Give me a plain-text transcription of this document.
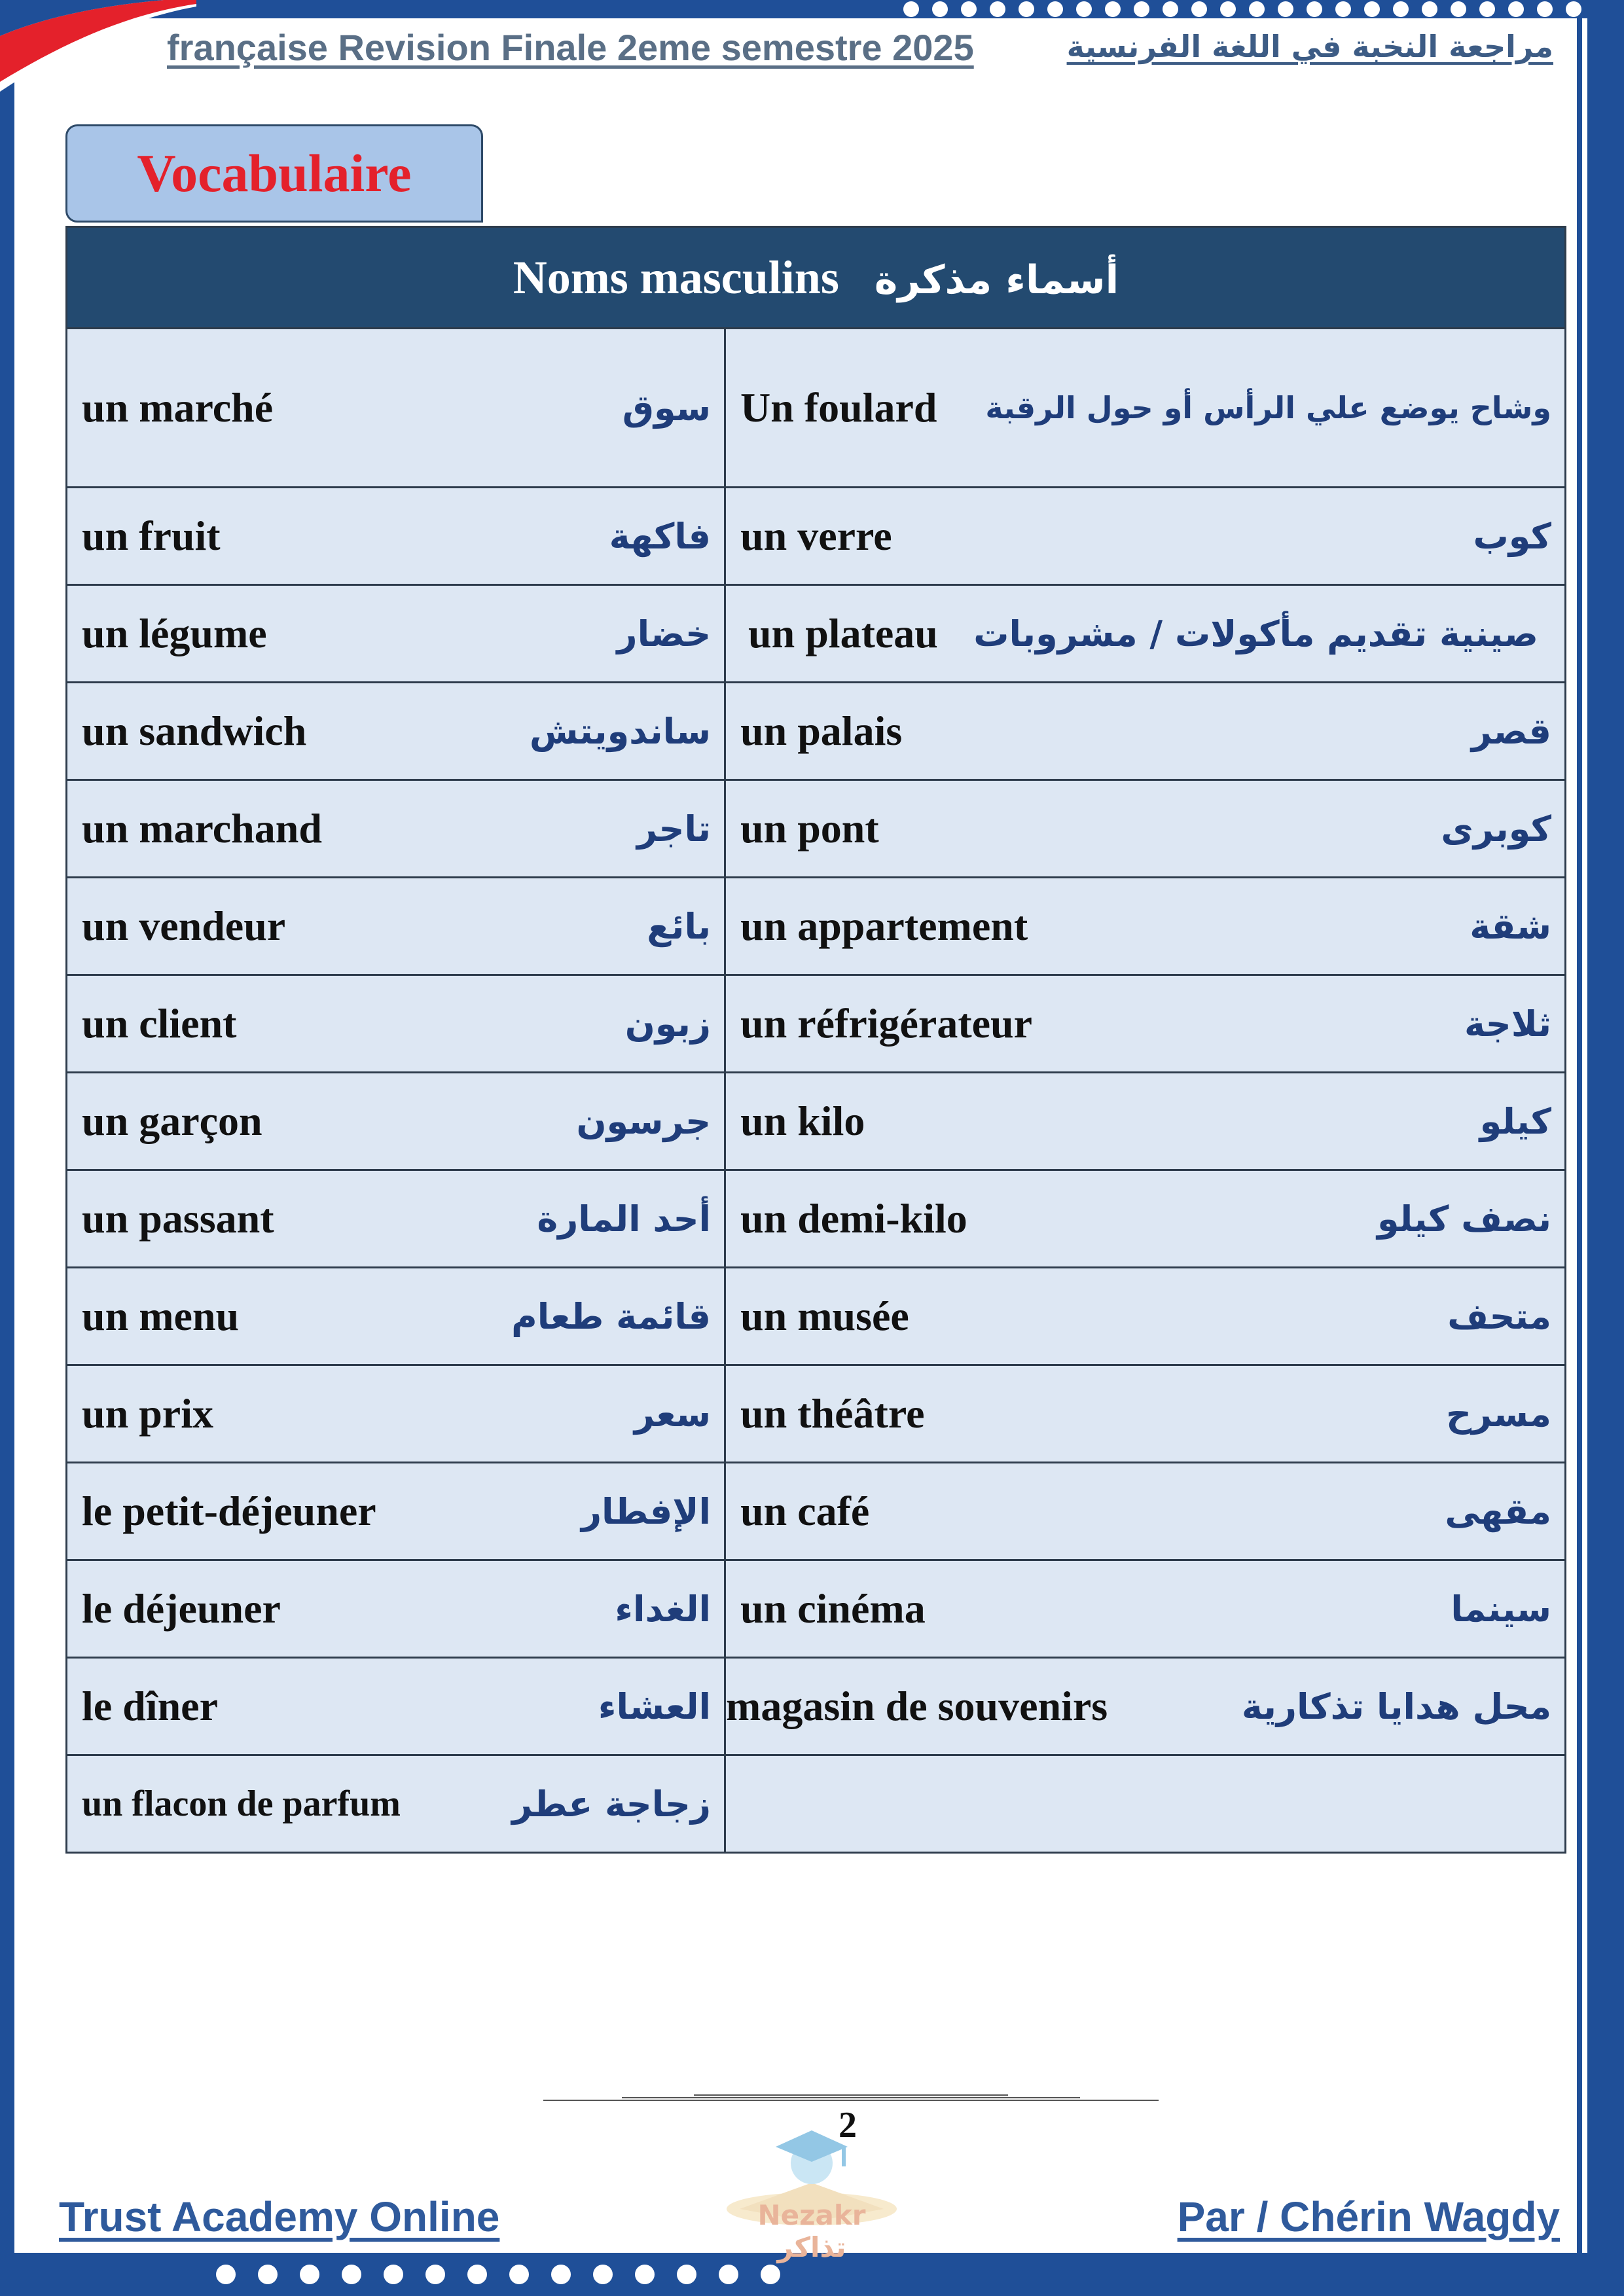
française Revision Finale 2eme semestre 2025	مراجعة النخبة في اللغة الفرنسية
Vocabulaire
Noms masculins أسماء مذكرة	

un marché سوق	Un foulard وشاح يوضع علي الرأس أو حول الرقبة

un fruit فاكهة	un verre كوب

un légume خضار	un plateau صينية تقديم مأكولات / مشروبات

un sandwich ساندويتش	un palais قصر

un marchand تاجر	un pont كوبرى

un vendeur بائع	un appartement شقة

un client زبون	un réfrigérateur ثلاجة

un garçon جرسون	un kilo كيلو

un passant أحد المارة	un demi-kilo نصف كيلو

un menu قائمة طعام	un musée متحف

un prix سعر	un théâtre مسرح

le petit-déjeuner الإفطار	un café مقهى

le déjeuner الغداء	un cinéma سينما

le dîner العشاء	magasin de souvenirs محل هدايا تذكارية

un flacon de parfum زجاجة عطر	

2
Nezakr تذاكر
Trust Academy Online	Par / Chérin Wagdy
